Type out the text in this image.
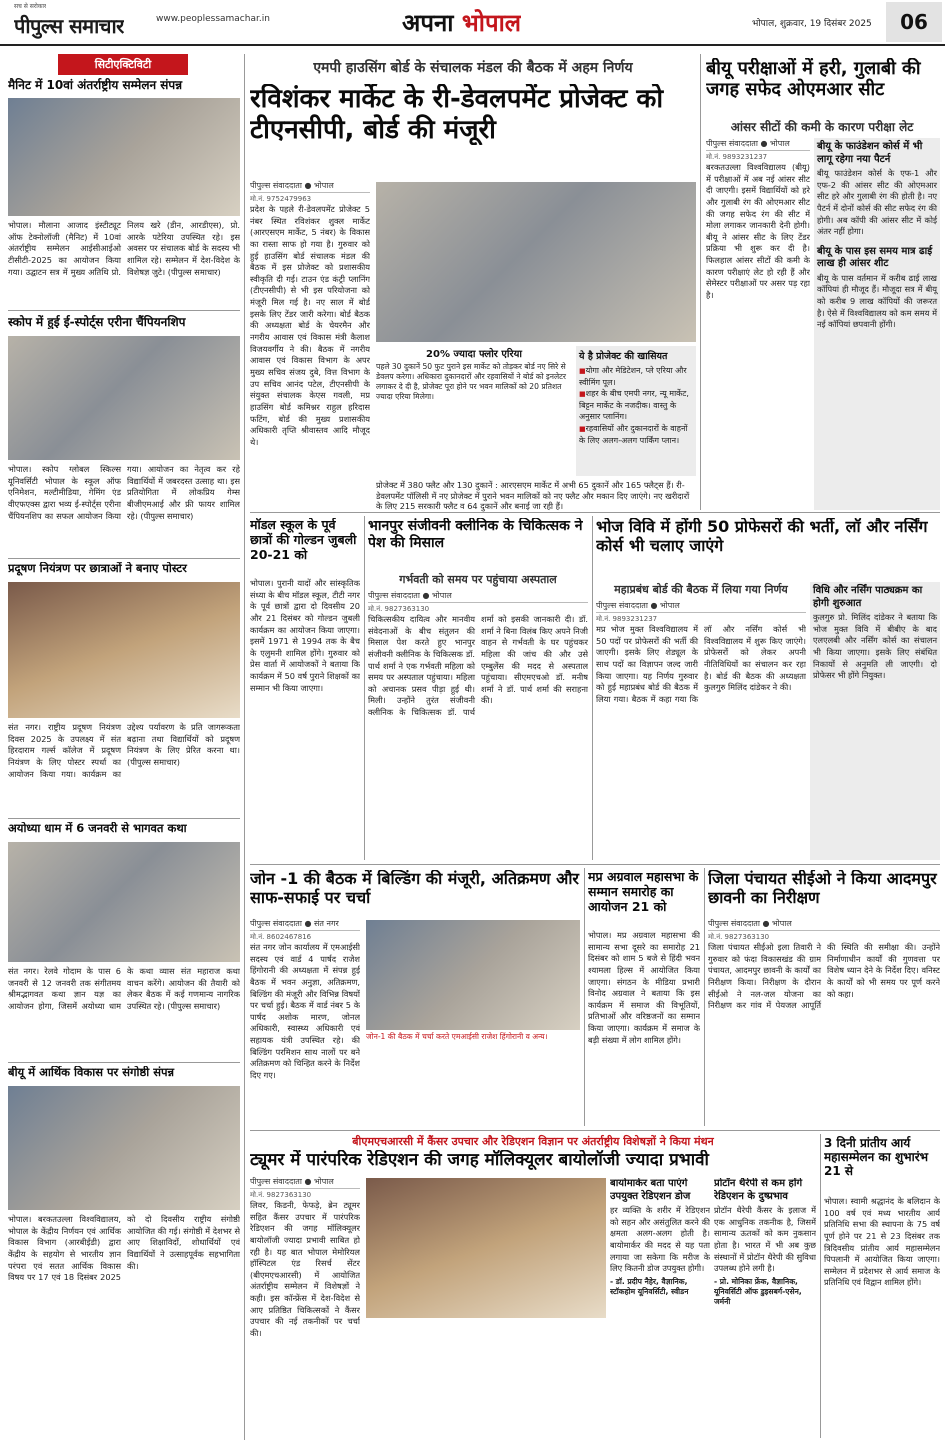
सच से सरोकार
पीपुल्स समाचार	www.peoplessamachar.in	अपना भोपाल	भोपाल, शुक्रवार, 19 दिसंबर 2025	06
सिटीएक्टिविटी
मैनिट में 10वां अंतर्राष्ट्रीय सम्मेलन संपन्न
भोपाल। मौलाना आजाद इंस्टीट्यूट ऑफ टेक्नोलॉजी (मैनिट) में 10वां अंतर्राष्ट्रीय सम्मेलन आईसीआईओ टीसीटी-2025 का आयोजन किया गया। उद्घाटन सत्र में मुख्य अतिथि प्रो. निलय खरे (डीन, आरडीएस), प्रो. आरके पटेरिया उपस्थित रहे। इस अवसर पर संचालक बोर्ड के सदस्य भी शामिल रहे। सम्मेलन में देश-विदेश के विशेषज्ञ जुटे। (पीपुल्स समाचार)
स्कोप में हुई ई-स्पोर्ट्स एरीना चैंपियनशिप
भोपाल। स्कोप ग्लोबल स्किल्स यूनिवर्सिटी भोपाल के स्कूल ऑफ एनिमेशन, मल्टीमीडिया, गेमिंग एंड वीएफएक्स द्वारा भव्य ई-स्पोर्ट्स एरीना चैंपियनशिप का सफल आयोजन किया गया। आयोजन का नेतृत्व कर रहे विद्यार्थियों में जबरदस्त उत्साह था। इस प्रतियोगिता में लोकप्रिय गेम्स बीजीएमआई और फ्री फायर शामिल रहे। (पीपुल्स समाचार)
प्रदूषण नियंत्रण पर छात्राओं ने बनाए पोस्टर
संत नगर। राष्ट्रीय प्रदूषण नियंत्रण दिवस 2025 के उपलक्ष्य में संत हिरदाराम गर्ल्स कॉलेज में प्रदूषण नियंत्रण के लिए पोस्टर स्पर्धा का आयोजन किया गया। कार्यक्रम का उद्देश्य पर्यावरण के प्रति जागरूकता बढ़ाना तथा विद्यार्थियों को प्रदूषण नियंत्रण के लिए प्रेरित करना था। (पीपुल्स समाचार)
अयोध्या धाम में 6 जनवरी से भागवत कथा
संत नगर। रेलवे गोदाम के पास 6 जनवरी से 12 जनवरी तक संगीतमय श्रीमद्भागवत कथा ज्ञान यज्ञ का आयोजन होगा, जिसमें अयोध्या धाम के कथा व्यास संत महाराज कथा वाचन करेंगे। आयोजन की तैयारी को लेकर बैठक में कई गणमान्य नागरिक उपस्थित रहे। (पीपुल्स समाचार)
बीयू में आर्थिक विकास पर संगोष्ठी संपन्न
भोपाल। बरकतउल्ला विश्वविद्यालय, भोपाल के केंद्रीय निर्णयन एवं आर्थिक विकास विभाग (आरबीईडी) द्वारा केंद्रीय के सहयोग से भारतीय ज्ञान परंपरा एवं सतत आर्थिक विकास विषय पर 17 एवं 18 दिसंबर 2025 को दो दिवसीय राष्ट्रीय संगोष्ठी आयोजित की गई। संगोष्ठी में देशभर से आए शिक्षाविदों, शोधार्थियों एवं विद्यार्थियों ने उत्साहपूर्वक सहभागिता की।
एमपी हाउसिंग बोर्ड के संचालक मंडल की बैठक में अहम निर्णय
रविशंकर मार्केट के री-डेवलपमेंट प्रोजेक्ट को टीएनसीपी, बोर्ड की मंजूरी
पीपुल्स संवाददाता ● भोपाल
मो.नं. 9752479963
प्रदेश के पहले री-डेवलपमेंट प्रोजेक्ट 5 नंबर स्थित रविशंकर शुक्ल मार्केट (आरएसएम मार्केट, 5 नंबर) के विकास का रास्ता साफ हो गया है। गुरुवार को हुई हाउसिंग बोर्ड संचालक मंडल की बैठक में इस प्रोजेक्ट को प्रशासकीय स्वीकृति दी गई। टाउन एंड कंट्री प्लानिंग (टीएनसीपी) से भी इस परियोजना को मंजूरी मिल गई है। नए साल में बोर्ड इसके लिए टेंडर जारी करेगा। बोर्ड बैठक की अध्यक्षता बोर्ड के चेयरमैन और नगरीय आवास एवं विकास मंत्री कैलाश विजयवर्गीय ने की। बैठक में नगरीय आवास एवं विकास विभाग के अपर मुख्य सचिव संजय दुबे, वित्त विभाग के उप सचिव आनंद पटेल, टीएनसीपी के संयुक्त संचालक केएस गवली, मप्र हाउसिंग बोर्ड कमिश्नर राहुल हरिदास फटिंग, बोर्ड की मुख्य प्रशासकीय अधिकारी तृप्ति श्रीवास्तव आदि मौजूद थे।
20% ज्यादा फ्लोर एरिया
पहले 30 दुकानें 50 फुट पुराने इस मार्केट को तोड़कर बोर्ड नए सिरे से डेवलप करेगा। अधिकारा दुकानदारों और रहवासियों ने बोर्ड को इनलेटर लगाकर दे दी है, प्रोजेक्ट पूरा होने पर भवन मालिकों को 20 प्रतिशत ज्यादा एरिया मिलेगा।
ये है प्रोजेक्ट की खासियत
■ योगा और मेडिटेशन, प्ले एरिया और स्वीमिंग पूल।
■ शहर के बीच एमपी नगर, न्यू मार्केट, बिट्टन मार्केट के नजदीक। वास्तु के अनुसार प्लानिंग।
■ रहवासियों और दुकानदारों के वाहनों के लिए अलग-अलग पार्किंग प्लान।
प्रोजेक्ट में 380 फ्लैट और 130 दुकानें : आरएसएम मार्केट में अभी 65 दुकानें और 165 फ्लैट्स हैं। री-डेवलपमेंट पॉलिसी में नए प्रोजेक्ट में पुराने भवन मालिकों को नए फ्लैट और मकान दिए जाएंगे। नए खरीदारों के लिए 215 सरकारी फ्लैट व 64 दुकानें और बनाई जा रही हैं।
बीयू परीक्षाओं में हरी, गुलाबी की जगह सफेद ओएमआर सीट
आंसर सीटों की कमी के कारण परीक्षा लेट
पीपुल्स संवाददाता ● भोपाल
मो.नं. 9893231237
बरकतउल्ला विश्वविद्यालय (बीयू) में परीक्षाओं में अब नई आंसर सीट दी जाएगी। इसमें विद्यार्थियों को हरे और गुलाबी रंग की ओएमआर सीट की जगह सफेद रंग की सीट में मोला लगाकर जानकारी देनी होगी। बीयू ने आंसर सीट के लिए टेंडर प्रक्रिया भी शुरू कर दी है। फिलहाल आंसर सीटों की कमी के कारण परीक्षाएं लेट हो रही हैं और सेमेस्टर परीक्षाओं पर असर पड़ रहा है।
बीयू के फाउंडेशन कोर्स में भी लागू रहेगा नया पैटर्न
बीयू फाउंडेशन कोर्स के एफ-1 और एफ-2 की आंसर सीट की ओएमआर सीट हरे और गुलाबी रंग की होती है। नए पैटर्न में दोनों कोर्स की सीट सफेद रंग की होगी। अब कॉपी की आंसर सीट में कोई अंतर नहीं होगा।
बीयू के पास इस समय मात्र ढाई लाख ही आंसर शीट
बीयू के पास वर्तमान में करीब ढाई लाख कॉपियां ही मौजूद हैं। मौजूदा सत्र में बीयू को करीब 9 लाख कॉपियों की जरूरत है। ऐसे में विश्वविद्यालय को कम समय में नई कॉपियां छपवानी होंगी।
मॉडल स्कूल के पूर्व छात्रों की गोल्डन जुबली 20-21 को
भोपाल। पुरानी यादों और सांस्कृतिक संध्या के बीच मॉडल स्कूल, टीटी नगर के पूर्व छात्रों द्वारा दो दिवसीय 20 और 21 दिसंबर को गोल्डन जुबली कार्यक्रम का आयोजन किया जाएगा। इसमें 1971 से 1994 तक के बैच के एलुमनी शामिल होंगे। गुरुवार को प्रेस वार्ता में आयोजकों ने बताया कि कार्यक्रम में 50 वर्ष पुराने शिक्षकों का सम्मान भी किया जाएगा।
भानपुर संजीवनी क्लीनिक के चिकित्सक ने पेश की मिसाल
गर्भवती को समय पर पहुंचाया अस्पताल
पीपुल्स संवाददाता ● भोपाल
मो.नं. 9827363130
चिकित्सकीय दायित्व और मानवीय संवेदनाओं के बीच संतुलन की मिसाल पेश करते हुए भानपुर संजीवनी क्लीनिक के चिकित्सक डॉ. पार्थ शर्मा ने एक गर्भवती महिला को समय पर अस्पताल पहुंचाया। महिला को अचानक प्रसव पीड़ा हुई थी। मिली। उन्होंने तुरंत संजीवनी क्लीनिक के चिकित्सक डॉ. पार्थ शर्मा को इसकी जानकारी दी। डॉ. शर्मा ने बिना विलंब किए अपने निजी वाहन से गर्भवती के घर पहुंचकर महिला की जांच की और उसे एम्बुलेंस की मदद से अस्पताल पहुंचाया। सीएमएचओ डॉ. मनीष शर्मा ने डॉ. पार्थ शर्मा की सराहना की।
भोज विवि में होंगी 50 प्रोफेसरों की भर्ती, लॉ और नर्सिंग कोर्स भी चलाए जाएंगे
महाप्रबंध बोर्ड की बैठक में लिया गया निर्णय
पीपुल्स संवाददाता ● भोपाल
मो.नं. 9893231237
मप्र भोज मुक्त विश्वविद्यालय में 50 पदों पर प्रोफेसरों की भर्ती की जाएगी। इसके लिए शेड्यूल के साथ पदों का विज्ञापन जल्द जारी किया जाएगा। यह निर्णय गुरुवार को हुई महाप्रबंध बोर्ड की बैठक में लिया गया। बैठक में कहा गया कि लॉ और नर्सिंग कोर्स भी विश्वविद्यालय में शुरू किए जाएंगे। प्रोफेसरों को लेकर अपनी नीतिविधियों का संचालन कर रहा है। बोर्ड की बैठक की अध्यक्षता कुलगुरु मिलिंद दांडेकर ने की।
विधि और नर्सिंग पाठ्यक्रम का होगी शुरुआत
कुलगुरु प्रो. मिलिंद दांडेकर ने बताया कि भोज मुक्त विवि में बीबीए के बाद एलएलबी और नर्सिंग कोर्स का संचालन भी किया जाएगा। इसके लिए संबंधित निकायों से अनुमति ली जाएगी। दो प्रोफेसर भी होंगे नियुक्त।
जोन -1 की बैठक में बिल्डिंग की मंजूरी, अतिक्रमण और साफ-सफाई पर चर्चा
पीपुल्स संवाददाता ● संत नगर
मो.नं. 8602467816
संत नगर जोन कार्यालय में एमआईसी सदस्य एवं वार्ड 4 पार्षद राजेश हिंगोरानी की अध्यक्षता में संपन्न हुई बैठक में भवन अनुज्ञा, अतिक्रमण, बिल्डिंग की मंजूरी और विभिन्न विषयों पर चर्चा हुई। बैठक में वार्ड नंबर 5 के पार्षद अशोक मारण, जोनल अधिकारी, स्वास्थ्य अधिकारी एवं सहायक यंत्री उपस्थित रहे। की बिल्डिंग परमिशन साथ नालों पर बने अतिक्रमण को चिन्हित करने के निर्देश दिए गए।
जोन-1 की बैठक में चर्चा करते एमआईसी राजेश हिंगोरानी व अन्य।
मप्र अग्रवाल महासभा के सम्मान समारोह का आयोजन 21 को
भोपाल। मप्र अग्रवाल महासभा की सामान्य सभा दूसरे का समारोह 21 दिसंबर को शाम 5 बजे से हिंदी भवन श्यामला हिल्स में आयोजित किया जाएगा। संगठन के मीडिया प्रभारी विनोद अग्रवाल ने बताया कि इस कार्यक्रम में समाज की विभूतियों, प्रतिभाओं और वरिष्ठजनों का सम्मान किया जाएगा। कार्यक्रम में समाज के बड़ी संख्या में लोग शामिल होंगे।
जिला पंचायत सीईओ ने किया आदमपुर छावनी का निरीक्षण
पीपुल्स संवाददाता ● भोपाल
मो.नं. 9827363130
जिला पंचायत सीईओ इला तिवारी ने गुरुवार को फंदा विकासखंड की ग्राम पंचायत, आदमपुर छावनी के कार्यों का निरीक्षण किया। निरीक्षण के दौरान सीईओ ने नल-जल योजना का निरीक्षण कर गांव में पेयजल आपूर्ति की स्थिति की समीक्षा की। उन्होंने निर्माणाधीन कार्यों की गुणवत्ता पर विशेष ध्यान देने के निर्देश दिए। वनिस्ट के कार्यों को भी समय पर पूर्ण करने को कहा।
बीएमएचआरसी में कैंसर उपचार और रेडिएशन विज्ञान पर अंतर्राष्ट्रीय विशेषज्ञों ने किया मंथन
ट्यूमर में पारंपरिक रेडिएशन की जगह मॉलिक्यूलर बायोलॉजी ज्यादा प्रभावी
पीपुल्स संवाददाता ● भोपाल
मो.नं. 9827363130
लिवर, किडनी, फेफड़े, ब्रेन ट्यूमर सहित कैंसर उपचार में पारंपरिक रेडिएशन की जगह मॉलिक्यूलर बायोलॉजी ज्यादा प्रभावी साबित हो रही है। यह बात भोपाल मेमोरियल हॉस्पिटल एंड रिसर्च सेंटर (बीएमएचआरसी) में आयोजित अंतर्राष्ट्रीय सम्मेलन में विशेषज्ञों ने कही। इस कॉन्फ्रेंस में देश-विदेश से आए प्रतिष्ठित चिकित्सकों ने कैंसर उपचार की नई तकनीकों पर चर्चा की।
बायोमार्कर बता पाएंगे उपयुक्त रेडिएशन डोज
हर व्यक्ति के शरीर में रेडिएशन को सहन और असंतुलित करने की क्षमता अलग-अलग होती है। बायोमार्कर की मदद से यह पता लगाया जा सकेगा कि मरीज के लिए कितनी डोज उपयुक्त होगी।
- डॉ. प्रदीप नैहेर, वैज्ञानिक, स्टॉकहोम यूनिवर्सिटी, स्वीडन
प्रोटॉन थैरेपी से कम होंगे रेडिएशन के दुष्प्रभाव
प्रोटॉन थैरेपी कैंसर के इलाज में एक आधुनिक तकनीक है, जिसमें सामान्य ऊतकों को कम नुकसान होता है। भारत में भी अब कुछ संस्थानों में प्रोटॉन थैरेपी की सुविधा उपलब्ध होने लगी है।
- प्रो. मोनिका फ्रेंक, वैज्ञानिक, यूनिवर्सिटी ऑफ डुइसबर्ग-एसेन, जर्मनी
3 दिनी प्रांतीय आर्य महासम्मेलन का शुभारंभ 21 से
भोपाल। स्वामी श्रद्धानंद के बलिदान के 100 वर्ष एवं मध्य भारतीय आर्य प्रतिनिधि सभा की स्थापना के 75 वर्ष पूर्ण होने पर 21 से 23 दिसंबर तक त्रिदिवसीय प्रांतीय आर्य महासम्मेलन पिपलानी में आयोजित किया जाएगा। सम्मेलन में प्रदेशभर से आर्य समाज के प्रतिनिधि एवं विद्वान शामिल होंगे।
